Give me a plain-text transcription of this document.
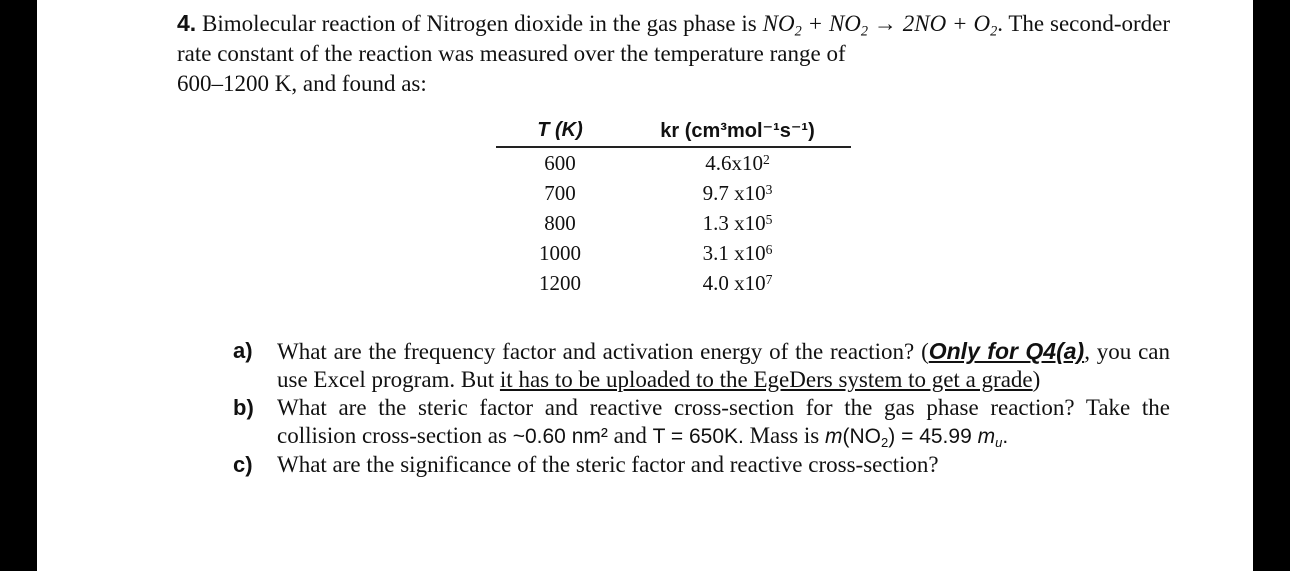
4. Bimolecular reaction of Nitrogen dioxide in the gas phase is $NO_2 + NO_2 \to 2NO + O_2$. The second-order rate constant of the reaction was measured over the temperature range of
600–1200 K, and found as:
T (K)	kr (cm³mol⁻¹s⁻¹)
600	$4.6x10^2$
700	9.7 $x10^3$
800	1.3 $x10^5$
1000	3.1 $x10^6$
1200	4.0 $x10^7$
a) What are the frequency factor and activation energy of the reaction? (Only for Q4(a), you can use Excel program. But it has to be uploaded to the EgeDers system to get a grade)
b) What are the steric factor and reactive cross-section for the gas phase reaction? Take the collision cross-section as ~0.60 nm² and T = 650K. Mass is $m(NO_2) = 45.99$ $m_u$.
c) What are the significance of the steric factor and reactive cross-section?
